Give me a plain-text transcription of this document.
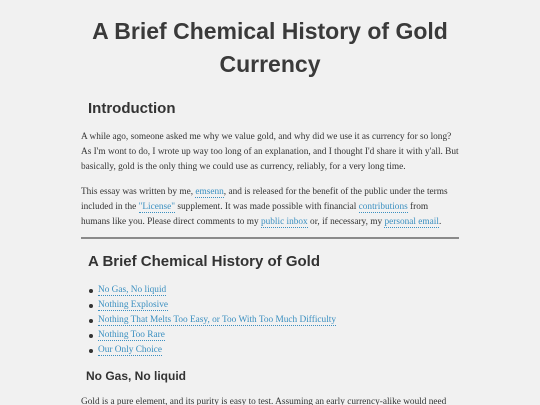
A Brief Chemical History of Gold Currency
Introduction

A while ago, someone asked me why we value gold, and why did we use it as currency for so long? As I'm wont to do, I wrote up way too long of an explanation, and I thought I'd share it with y'all. But basically, gold is the only thing we could use as currency, reliably, for a very long time.

This essay was written by me, emsenn, and is released for the benefit of the public under the terms included in the "License" supplement. It was made possible with financial contributions from humans like you. Please direct comments to my public inbox or, if necessary, my personal email.

A Brief Chemical History of Gold
No Gas, No liquid
Nothing Explosive
Nothing That Melts Too Easy, or Too With Too Much Difficulty
Nothing Too Rare
Our Only Choice
No Gas, No liquid

Gold is a pure element, and its purity is easy to test. Assuming an early currency-alike would need
